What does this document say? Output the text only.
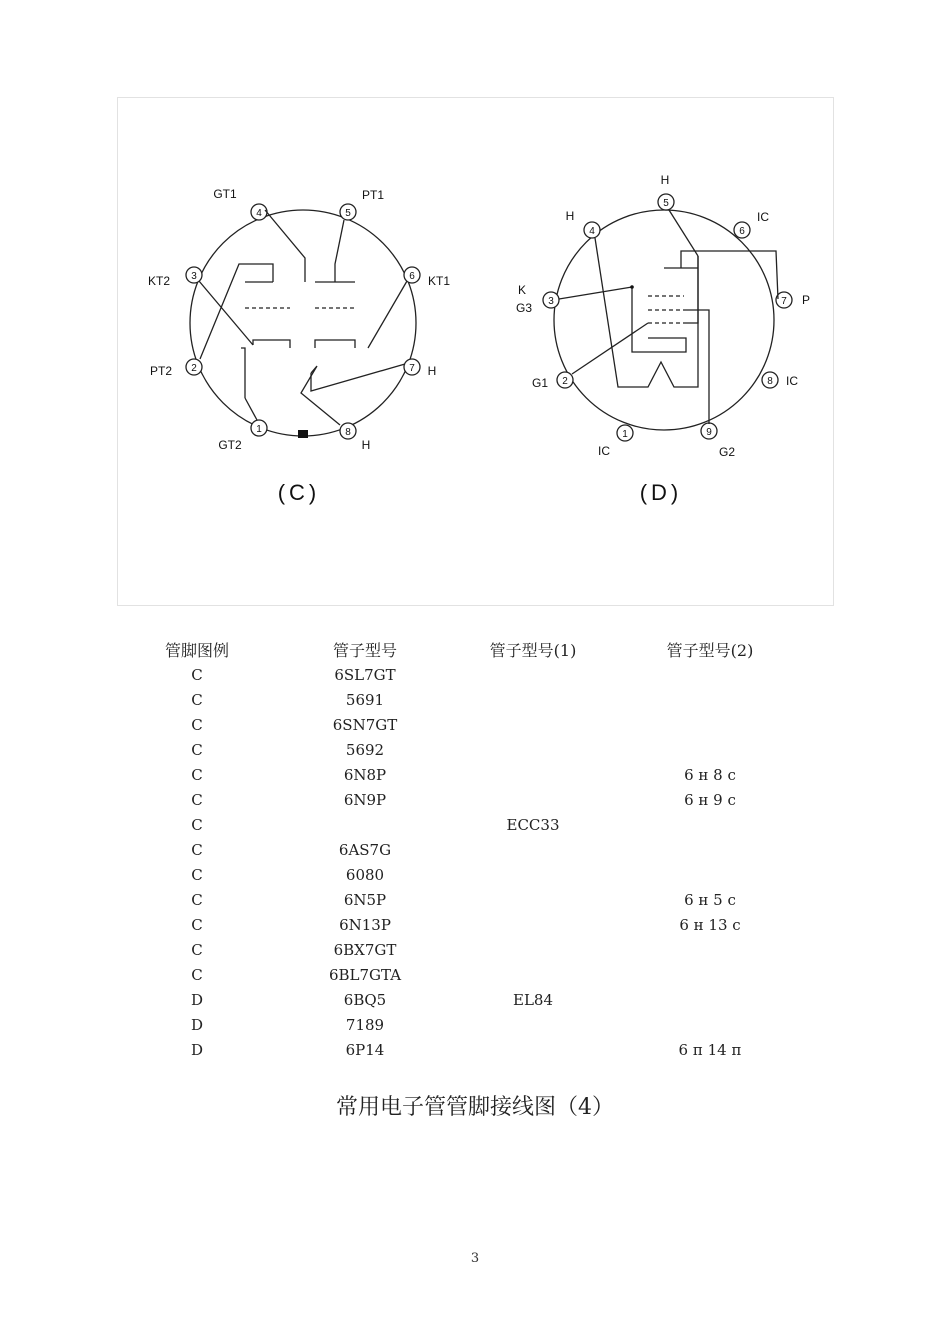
1
2
3
4	5
6
7
8
GT2
PT2
KT2
GT1	PT1
KT1
H
H
(C)
1
2
3
4
5
6
7
8
9
IC
G1
K
G3
H
H
IC
P
IC
G2
(D)
管脚图例	管子型号	管子型号(1)	管子型号(2)
C	6SL7GT		
C	5691		
C	6SN7GT		
C	5692		
C	6N8P		6 н 8 с
C	6N9P		6 н 9 с
C		ECC33	
C	6AS7G		
C	6080		
C	6N5P		6 н 5 с
C	6N13P		6 н 13 с
C	6BX7GT		
C	6BL7GTA		
D	6BQ5	EL84	
D	7189		
D	6P14		6 п 14 п
常用电子管管脚接线图（4）
3
